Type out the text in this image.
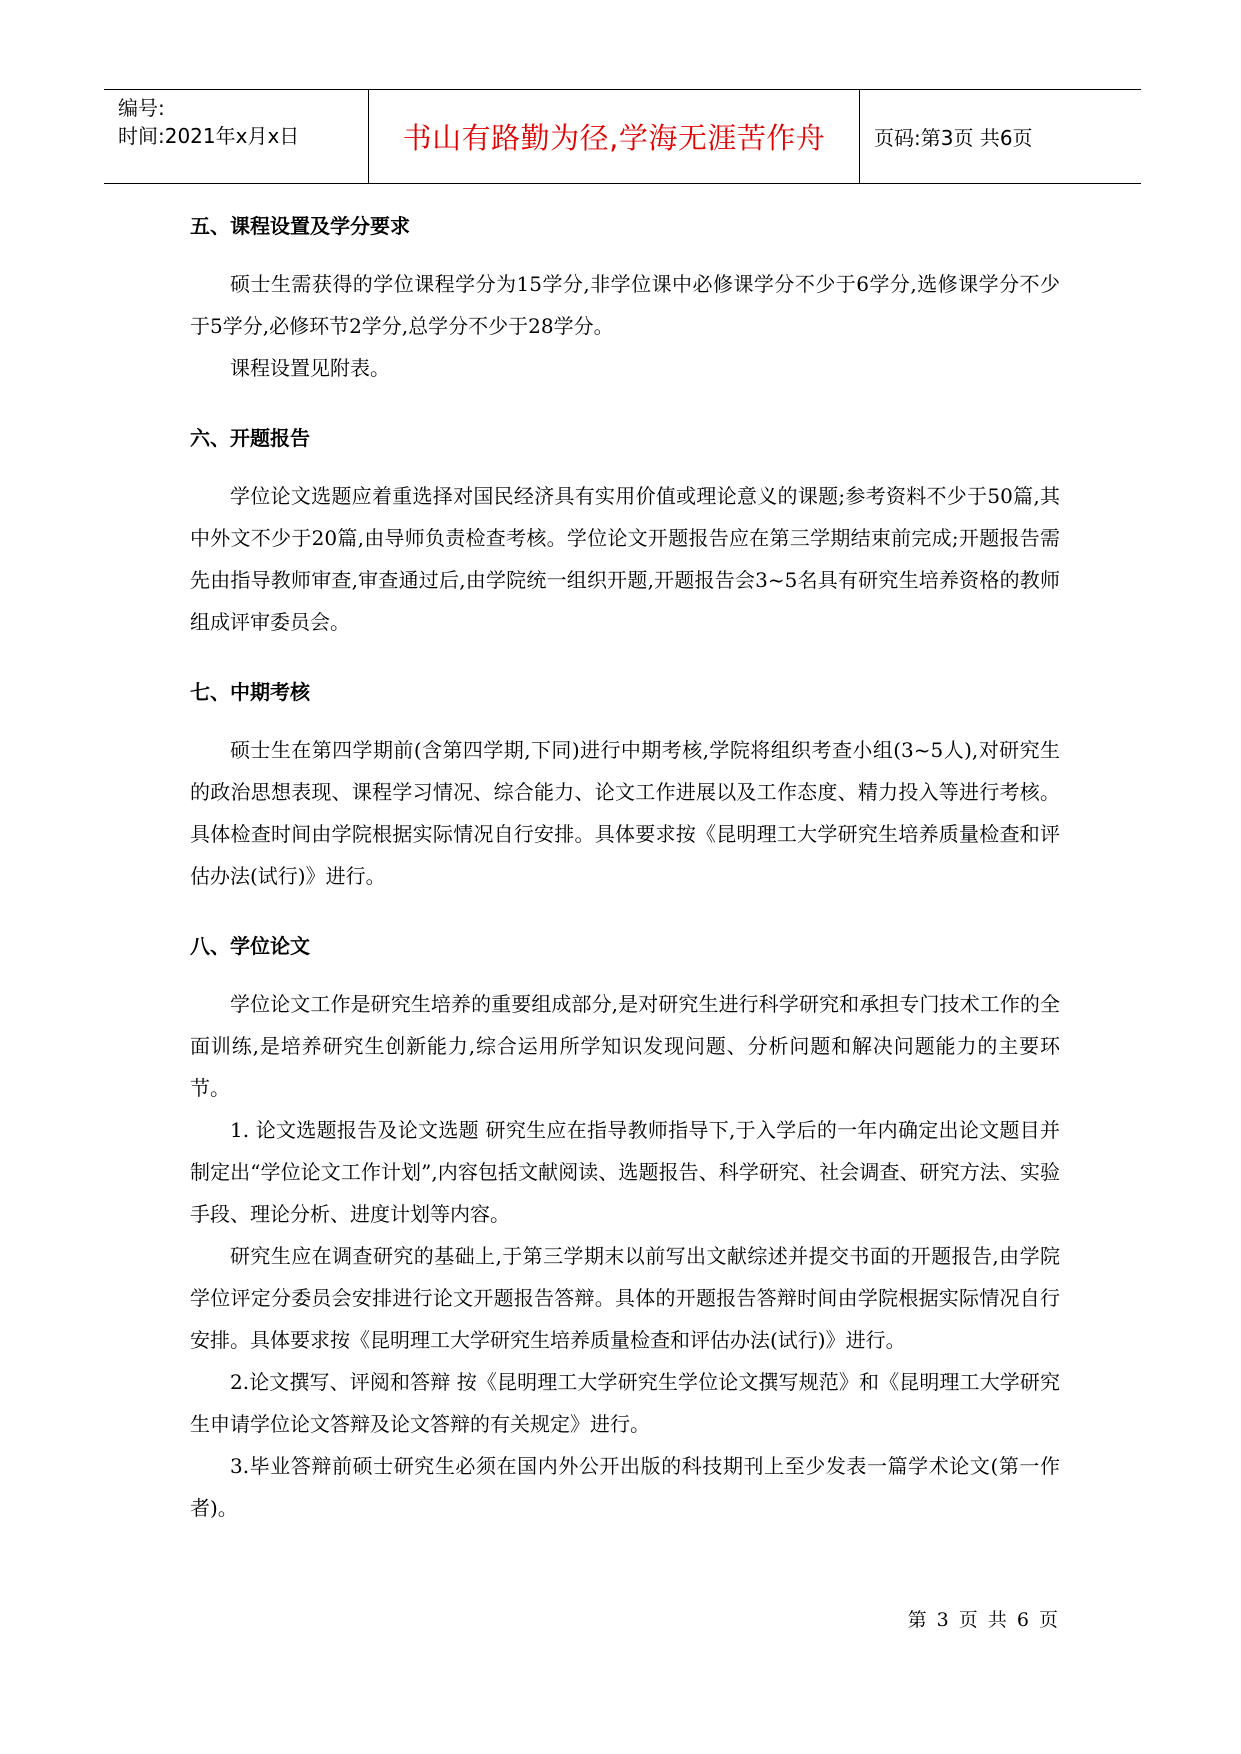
编号:
时间:2021年x月x日	书山有路勤为径,学海无涯苦作舟 页码:第3页 共6页
五、课程设置及学分要求

硕士生需获得的学位课程学分为15学分,非学位课中必修课学分不少于6学分,选修课学分不少于5学分,必修环节2学分,总学分不少于28学分。

课程设置见附表。

六、开题报告

学位论文选题应着重选择对国民经济具有实用价值或理论意义的课题;参考资料不少于50篇,其中外文不少于20篇,由导师负责检查考核。学位论文开题报告应在第三学期结束前完成;开题报告需先由指导教师审查,审查通过后,由学院统一组织开题,开题报告会3~5名具有研究生培养资格的教师组成评审委员会。

七、中期考核

硕士生在第四学期前(含第四学期,下同)进行中期考核,学院将组织考查小组(3~5人),对研究生的政治思想表现、课程学习情况、综合能力、论文工作进展以及工作态度、精力投入等进行考核。具体检查时间由学院根据实际情况自行安排。具体要求按《昆明理工大学研究生培养质量检查和评估办法(试行)》进行。

八、学位论文

学位论文工作是研究生培养的重要组成部分,是对研究生进行科学研究和承担专门技术工作的全面训练,是培养研究生创新能力,综合运用所学知识发现问题、分析问题和解决问题能力的主要环节。

1. 论文选题报告及论文选题 研究生应在指导教师指导下,于入学后的一年内确定出论文题目并制定出“学位论文工作计划”,内容包括文献阅读、选题报告、科学研究、社会调查、研究方法、实验手段、理论分析、进度计划等内容。

研究生应在调查研究的基础上,于第三学期末以前写出文献综述并提交书面的开题报告,由学院学位评定分委员会安排进行论文开题报告答辩。具体的开题报告答辩时间由学院根据实际情况自行安排。具体要求按《昆明理工大学研究生培养质量检查和评估办法(试行)》进行。

2.论文撰写、评阅和答辩 按《昆明理工大学研究生学位论文撰写规范》和《昆明理工大学研究生申请学位论文答辩及论文答辩的有关规定》进行。

3.毕业答辩前硕士研究生必须在国内外公开出版的科技期刊上至少发表一篇学术论文(第一作者)。

第 3 页 共 6 页
